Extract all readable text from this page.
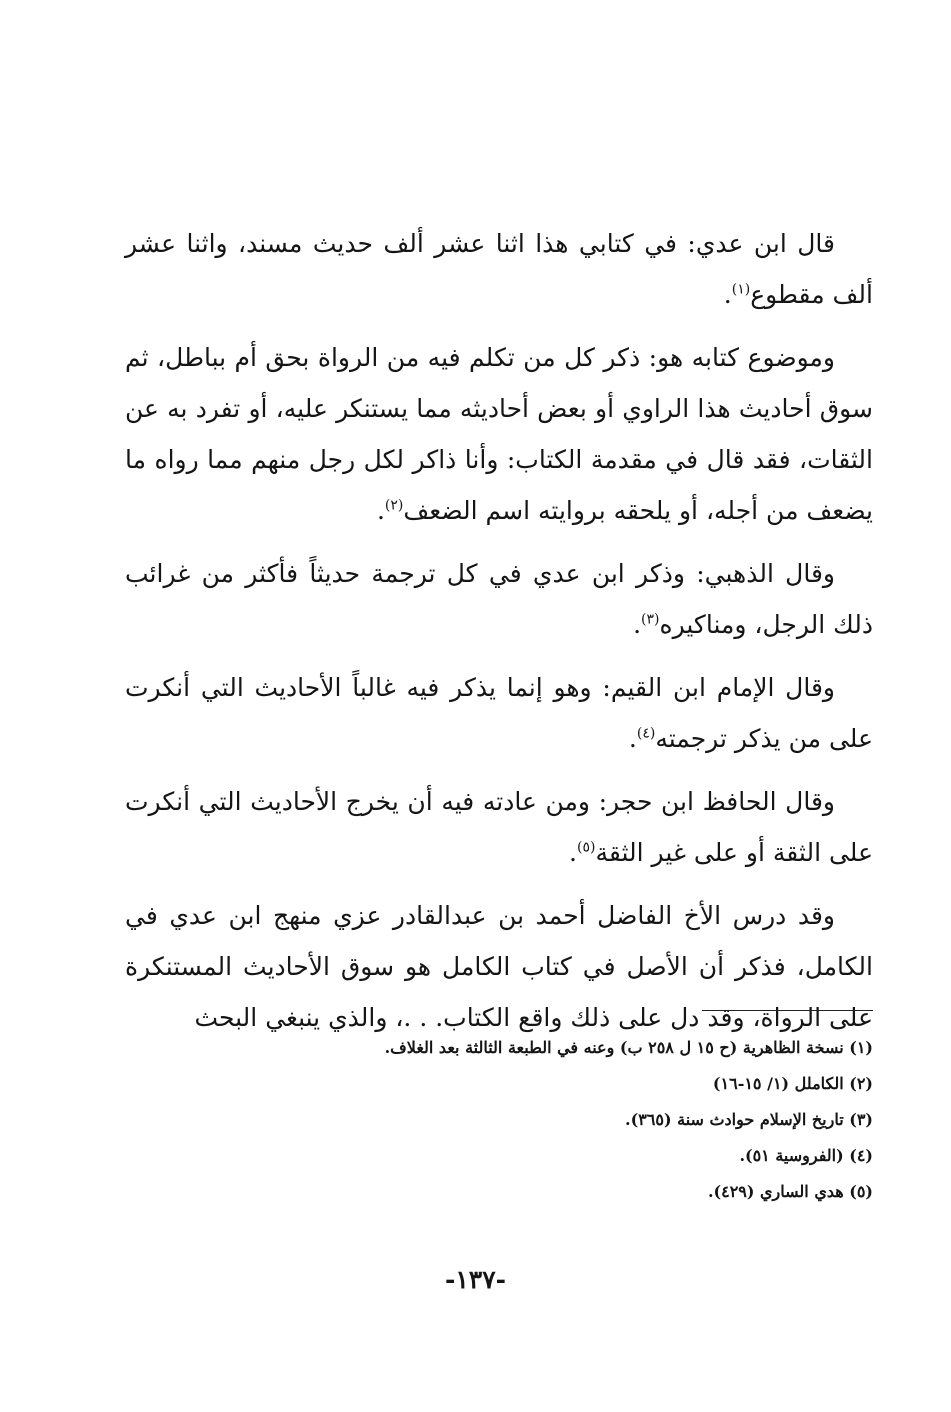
قال ابن عدي: في كتابي هذا اثنا عشر ألف حديث مسند، واثنا عشر ألف مقطوع$^{(١)}$.

وموضوع كتابه هو: ذكر كل من تكلم فيه من الرواة بحق أم بباطل، ثم سوق أحاديث هذا الراوي أو بعض أحاديثه مما يستنكر عليه، أو تفرد به عن الثقات، فقد قال في مقدمة الكتاب: وأنا ذاكر لكل رجل منهم مما رواه ما يضعف من أجله، أو يلحقه بروايته اسم الضعف$^{(٢)}$.

وقال الذهبي: وذكر ابن عدي في كل ترجمة حديثاً فأكثر من غرائب ذلك الرجل، ومناكيره$^{(٣)}$.

وقال الإمام ابن القيم: وهو إنما يذكر فيه غالباً الأحاديث التي أنكرت على من يذكر ترجمته$^{(٤)}$.

وقال الحافظ ابن حجر: ومن عادته فيه أن يخرج الأحاديث التي أنكرت على الثقة أو على غير الثقة$^{(٥)}$.

وقد درس الأخ الفاضل أحمد بن عبدالقادر عزي منهج ابن عدي في الكامل، فذكر أن الأصل في كتاب الكامل هو سوق الأحاديث المستنكرة على الرواة، وقد دل على ذلك واقع الكتاب. . .، والذي ينبغي البحث

(١) نسخة الظاهرية (ح ١٥ ل ٢٥٨ ب) وعنه في الطبعة الثالثة بعد الغلاف.

(٢) الكاملل (١/ ١٥-١٦)

(٣) تاريخ الإسلام حوادث سنة (٣٦٥).

(٤) (الفروسية ٥١).

(٥) هدي الساري (٤٢٩).

-١٣٧-
